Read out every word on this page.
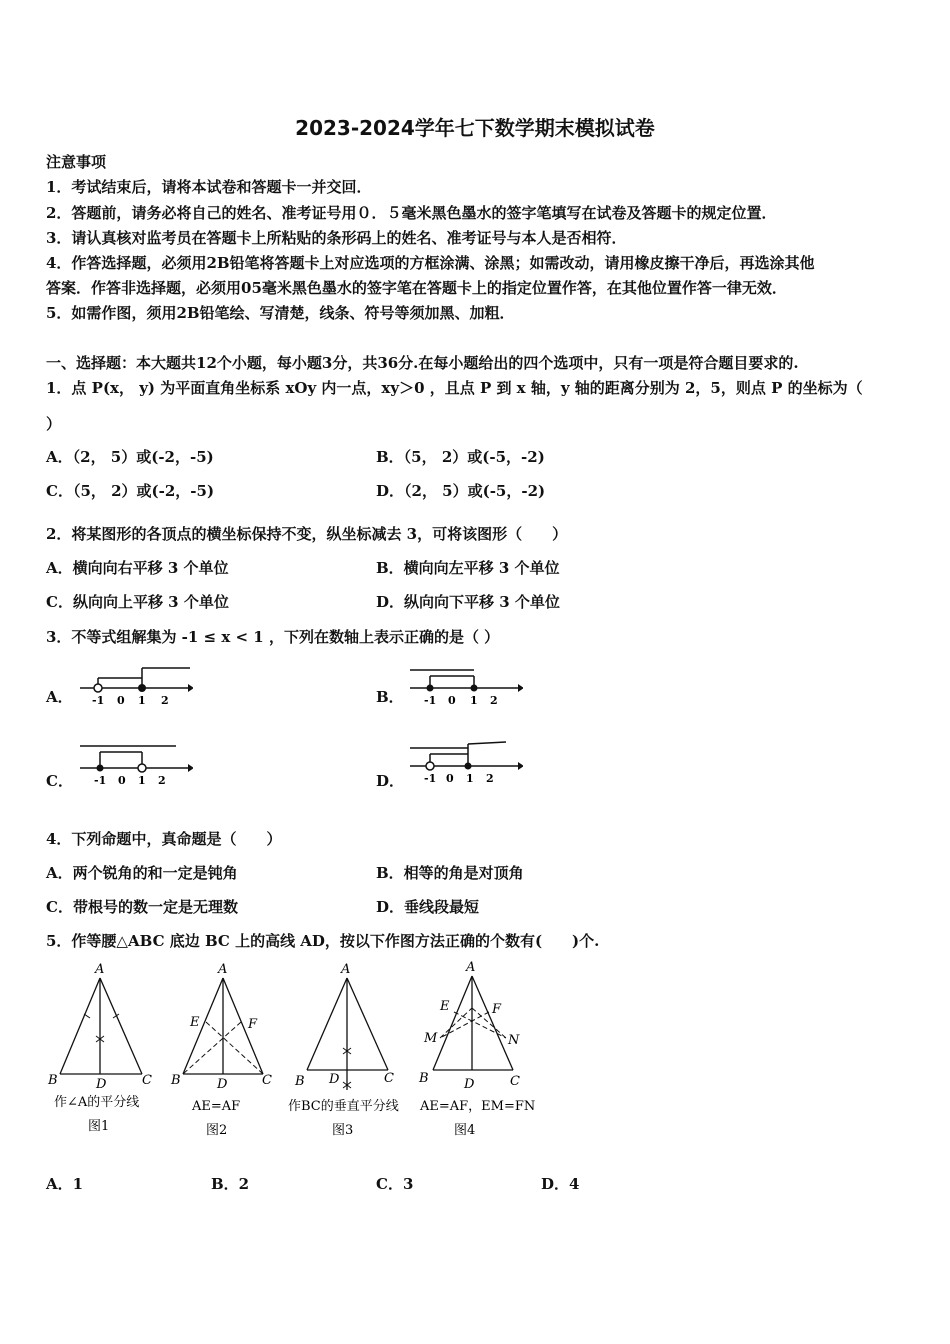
2023-2024学年七下数学期末模拟试卷
注意事项
1．考试结束后，请将本试卷和答题卡一并交回．
2．答题前，请务必将自己的姓名、准考证号用０．５毫米黑色墨水的签字笔填写在试卷及答题卡的规定位置．
3．请认真核对监考员在答题卡上所粘贴的条形码上的姓名、准考证号与本人是否相符．
4．作答选择题，必须用2B铅笔将答题卡上对应选项的方框涂满、涂黑；如需改动，请用橡皮擦干净后，再选涂其他
答案．作答非选择题，必须用05毫米黑色墨水的签字笔在答题卡上的指定位置作答，在其他位置作答一律无效．
5．如需作图，须用2B铅笔绘、写清楚，线条、符号等须加黑、加粗．
一、选择题：本大题共12个小题，每小题3分，共36分.在每小题给出的四个选项中，只有一项是符合题目要求的.
1．点 P(x， y) 为平面直角坐标系 xOy 内一点，xy＞0 ，且点 P 到 x 轴，y 轴的距离分别为 2，5，则点 P 的坐标为（
）
A．（2， 5）或(-2，-5)	B．（5， 2）或(-5，-2)
C．（5， 2）或(-2，-5)	D．（2， 5）或(-5，-2)
2．将某图形的各顶点的横坐标保持不变，纵坐标减去 3，可将该图形（　　）
A．横向向右平移 3 个单位	B．横向向左平移 3 个单位
C．纵向向上平移 3 个单位	D．纵向向下平移 3 个单位
3．不等式组解集为 -1 ≤ x < 1 ，下列在数轴上表示正确的是（ ）
A． -1 0 1 2	B． -1 0 1 2
C． -1 0 1 2	D． -1 0 1 2
4．下列命题中，真命题是（　　）
A．两个锐角的和一定是钝角	B．相等的角是对顶角
C．带根号的数一定是无理数	D．垂线段最短
5．作等腰△ABC 底边 BC 上的高线 AD，按以下作图方法正确的个数有(　　)个.
A
B	C
D
作∠A的平分线
图1
A
E	F
B	C
D
AE=AF
图2
A
B	C
D
作BC的垂直平分线
图3
A
E	F
M	N
B	C
D
AE=AF，EM=FN
图4
A．1	B．2	C．3	D．4
